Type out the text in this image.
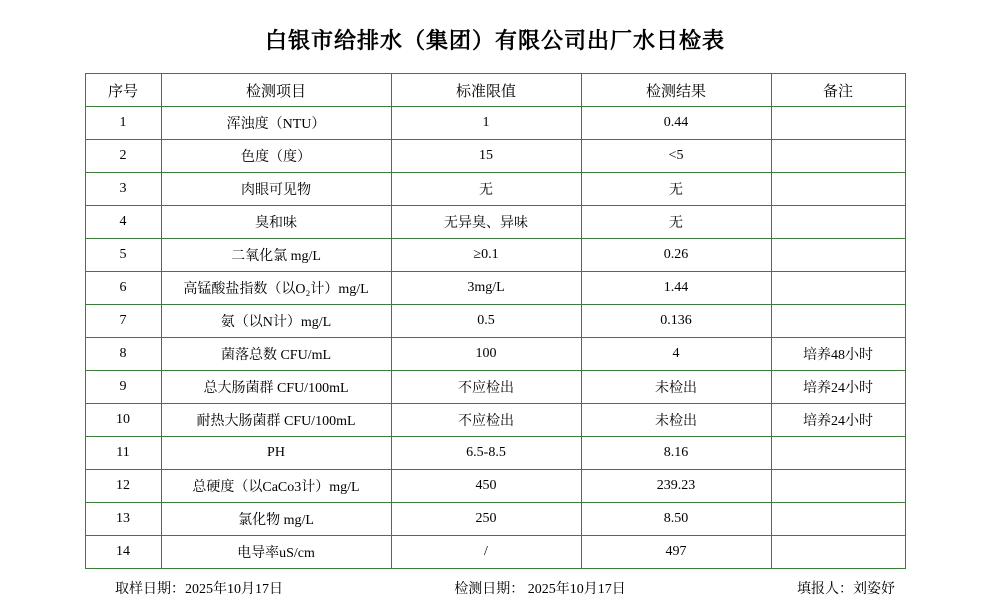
白银市给排水（集团）有限公司出厂水日检表
序号	检测项目	标准限值	检测结果	备注
1	浑浊度（NTU）	1	0.44	
2	色度（度）	15	<5	
3	肉眼可见物	无	无	
4	臭和味	无异臭、异味	无	
5	二氧化氯 mg/L	≥0.1	0.26	
6	高锰酸盐指数（以O₂计）mg/L	3mg/L	1.44	
7	氨（以N计）mg/L	0.5	0.136	
8	菌落总数 CFU/mL	100	4	培养48小时
9	总大肠菌群 CFU/100mL	不应检出	未检出	培养24小时
10	耐热大肠菌群 CFU/100mL	不应检出	未检出	培养24小时
11	PH	6.5-8.5	8.16	
12	总硬度（以CaCo3计）mg/L	450	239.23	
13	氯化物 mg/L	250	8.50	
14	电导率uS/cm	/	497	
取样日期：2025年10月17日	检测日期： 2025年10月17日	填报人：刘姿妤
